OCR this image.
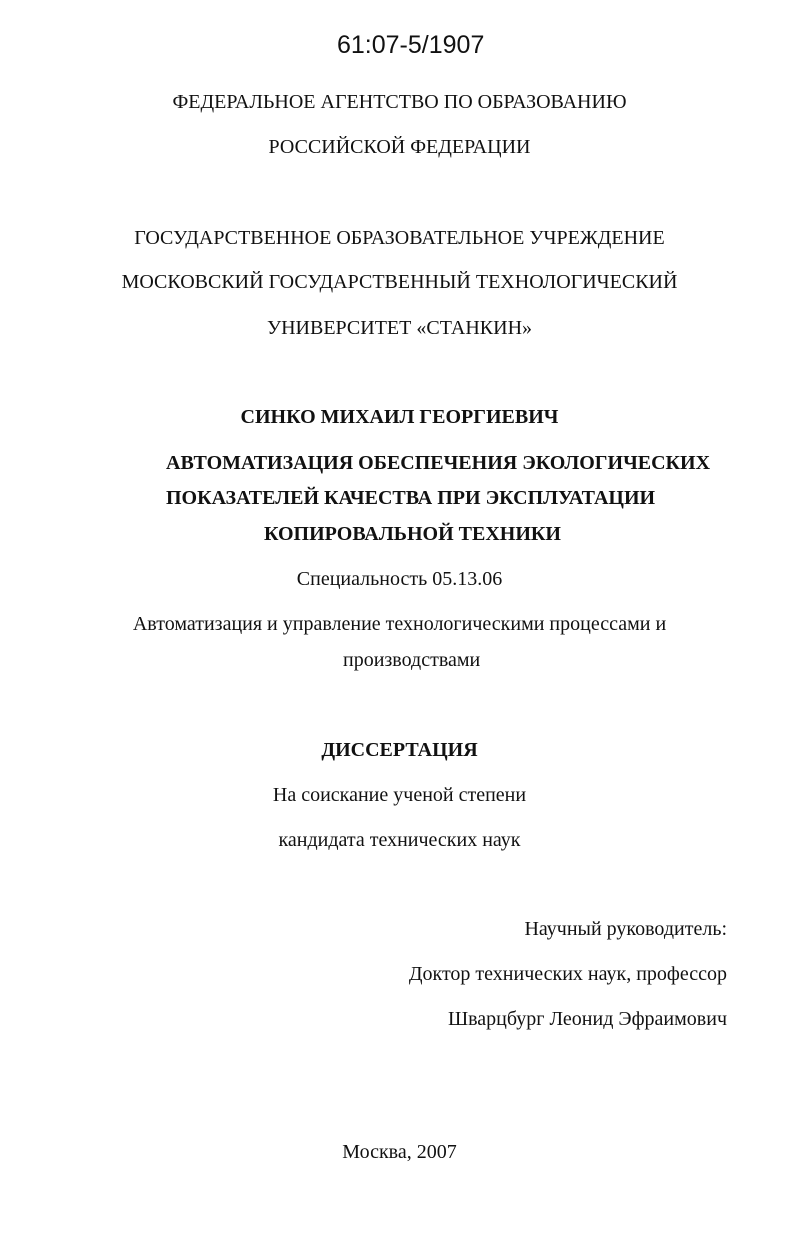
61:07-5/1907
ФЕДЕРАЛЬНОЕ АГЕНТСТВО ПО ОБРАЗОВАНИЮ
РОССИЙСКОЙ ФЕДЕРАЦИИ
ГОСУДАРСТВЕННОЕ ОБРАЗОВАТЕЛЬНОЕ УЧРЕЖДЕНИЕ
МОСКОВСКИЙ ГОСУДАРСТВЕННЫЙ ТЕХНОЛОГИЧЕСКИЙ
УНИВЕРСИТЕТ «СТАНКИН»
СИНКО МИХАИЛ ГЕОРГИЕВИЧ
АВТОМАТИЗАЦИЯ ОБЕСПЕЧЕНИЯ ЭКОЛОГИЧЕСКИХ
ПОКАЗАТЕЛЕЙ КАЧЕСТВА ПРИ ЭКСПЛУАТАЦИИ
КОПИРОВАЛЬНОЙ ТЕХНИКИ
Специальность 05.13.06
Автоматизация и управление технологическими процессами и
производствами
ДИССЕРТАЦИЯ
На соискание ученой степени
кандидата технических наук
Научный руководитель:
Доктор технических наук, профессор
Шварцбург Леонид Эфраимович
Москва, 2007
